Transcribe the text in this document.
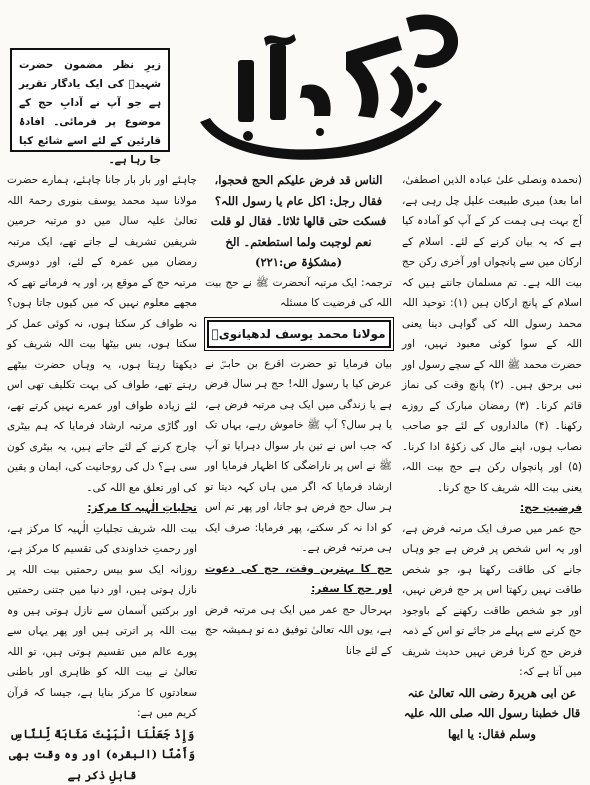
زیرِ نظر مضمون حضرت شہیدؒ کی ایک یادگار تقریر ہے جو آپ نے آدابِ حج کے موضوع پر فرمائی۔ افادۂ قارئین کے لئے اسے شائع کیا جا رہا ہے۔

(نحمدہ ونصلی علیٰ عبادہ الذین اصطفیٰ، اما بعد) میری طبیعت علیل چل رہی ہے، آج بہت ہی ہمت کر کے آپ کو آمادہ کیا ہے کہ یہ بیان کرنے کے لئے۔ اسلام کے ارکان میں سے پانچواں اور آخری رکن حج بیت اللہ ہے۔ تم مسلمان جانتے ہیں کہ اسلام کے پانچ ارکان ہیں (۱): توحید اللہ محمد رسول اللہ کی گواہی دینا یعنی اللہ کے سوا کوئی معبود نہیں، اور حضرت محمد ﷺ اللہ کے سچے رسول اور نبی برحق ہیں۔ (۲) پانچ وقت کی نماز قائم کرنا۔ (۳) رمضان مبارک کے روزے رکھنا۔ (۴) مالداروں کے لئے جو صاحب نصاب ہوں، اپنے مال کی زکوٰۃ ادا کرنا۔ (۵) اور پانچواں رکن ہے حج بیت اللہ، یعنی بیت اللہ شریف کا حج کرنا۔

فرضیتِ حج:

حج عمر میں صرف ایک مرتبہ فرض ہے، اور یہ اس شخص پر فرض ہے جو وہاں جانے کی طاقت رکھتا ہو، جو شخص طاقت نہیں رکھتا اس پر حج فرض نہیں، اور جو شخص طاقت رکھنے کے باوجود حج کرنے سے پہلے مر جائے تو اس کے ذمہ فرض حج کرنا فرض نہیں حدیث شریف میں آتا ہے کہ:

عن ابی ھریرۃ رضی اللہ تعالیٰ عنہ قال خطبنا رسول اللہ صلی اللہ علیہ وسلم فقال: یا ایھا

الناس قد فرض علیکم الحج فحجوا، فقال رجل: اکل عام یا رسول اللہ؟ فسکت حتی قالھا ثلاثا۔ فقال لو قلت نعم لوجبت ولما استطعتم۔ الخ (مشکوٰۃ ص:۲۲۱)

ترجمہ: ایک مرتبہ آنحضرت ﷺ نے حج بیت اللہ کی فرضیت کا مسئلہ

مولانا محمد یوسف لدھیانویؒ

بیان فرمایا تو حضرت اقرع بن حابسؓ نے عرض کیا یا رسول اللہ! حج ہر سال فرض ہے یا زندگی میں ایک ہی مرتبہ فرض ہے، یا ہر سال؟ آپ ﷺ خاموش رہے، یہاں تک کہ جب اس نے تین بار سوال دہرایا تو آپ ﷺ نے اس پر ناراضگی کا اظہار فرمایا اور ارشاد فرمایا کہ اگر میں ہاں کہہ دیتا تو ہر سال حج فرض ہو جاتا، اور پھر تم اس کو ادا نہ کر سکتے، پھر فرمایا: صرف ایک ہی مرتبہ فرض ہے۔

حج کا بہترین وقت، حج کی دعوت اور حج کا سفر:

بہرحال حج عمر میں ایک ہی مرتبہ فرض ہے، یوں اللہ تعالیٰ توفیق دے تو ہمیشہ حج کے لئے جانا

چاہئے اور بار بار جانا چاہئے، ہمارے حضرت مولانا سید محمد یوسف بنوری رحمۃ اللہ تعالیٰ علیہ سال میں دو مرتبہ حرمین شریفین تشریف لے جاتے تھے، ایک مرتبہ رمضان میں عمرہ کے لئے، اور دوسری مرتبہ حج کے موقع پر، اور یہ فرماتے تھے کہ مجھے معلوم نہیں کہ میں کیوں جاتا ہوں؟ نہ طواف کر سکتا ہوں، نہ کوئی عمل کر سکتا ہوں، بس بیٹھا بیت اللہ شریف کو دیکھتا رہتا ہوں، یہ وہاں حضرت بیٹھے رہتے تھے، طواف کی بہت تکلیف تھی اس لئے زیادہ طواف اور عمرے نہیں کرتے تھے، اور گاڑی مرتبہ ارشاد فرمایا کہ ہم بیٹری چارج کرنے کے لئے جاتے ہیں، یہ بیٹری کون سی ہے؟ دل کی روحانیت کی، ایمان و یقین کی اور تعلق مع اللہ کی۔

تجلیاتِ الٰہیہ کا مرکز:

بیت اللہ شریف تجلیاتِ الٰہیہ کا مرکز ہے، اور رحمتِ خداوندی کی تقسیم کا مرکز ہے، روزانہ ایک سو بیس رحمتیں بیت اللہ پر نازل ہوتی ہیں، اور دنیا میں جتنی رحمتیں اور برکتیں آسمان سے نازل ہوتی ہیں وہ بیت اللہ پر اترتی ہیں اور پھر یہاں سے پورے عالم میں تقسیم ہوتی ہیں، تو اللہ تعالیٰ نے بیت اللہ کو ظاہری اور باطنی سعادتوں کا مرکز بنایا ہے، جیسا کہ قرآن کریم میں ہے:

وَإِذْ جَعَلْنَا الْبَيْتَ مَثَابَةً لِّلنَّاسِ وَأَمْنًا (البقرہ) اور وہ وقت بھی قابلِ ذکر ہے
